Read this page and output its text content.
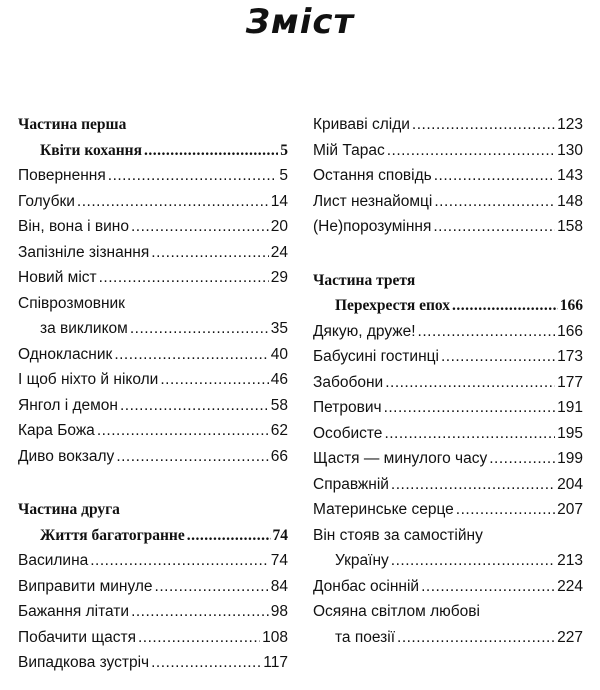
Зміст
Частина перша
Квіти кохання .....	5
Повернення .....	5
Голубки .....	14
Він, вона і вино .....	20
Запізніле зізнання .....	24
Новий міст .....	29
Співрозмовник
за викликом .....	35
Однокласник .....	40
І щоб ніхто й ніколи .....	46
Янгол і демон .....	58
Кара Божа .....	62
Диво вокзалу .....	66
Частина друга
Життя багатогранне .....	74
Василина .....	74
Виправити минуле .....	84
Бажання літати .....	98
Побачити щастя .....	108
Випадкова зустріч .....	117
Криваві сліди .....	123
Мій Тарас .....	130
Остання сповідь .....	143
Лист незнайомці .....	148
(Не)порозуміння .....	158
Частина третя
Перехрестя епох .....	166
Дякую, друже! .....	166
Бабусині гостинці .....	173
Забобони .....	177
Петрович .....	191
Особисте .....	195
Щастя — минулого часу .....	199
Справжній .....	204
Материнське серце .....	207
Він стояв за самостійну
Україну .....	213
Донбас осінній .....	224
Осяяна світлом любові
та поезії .....	227
